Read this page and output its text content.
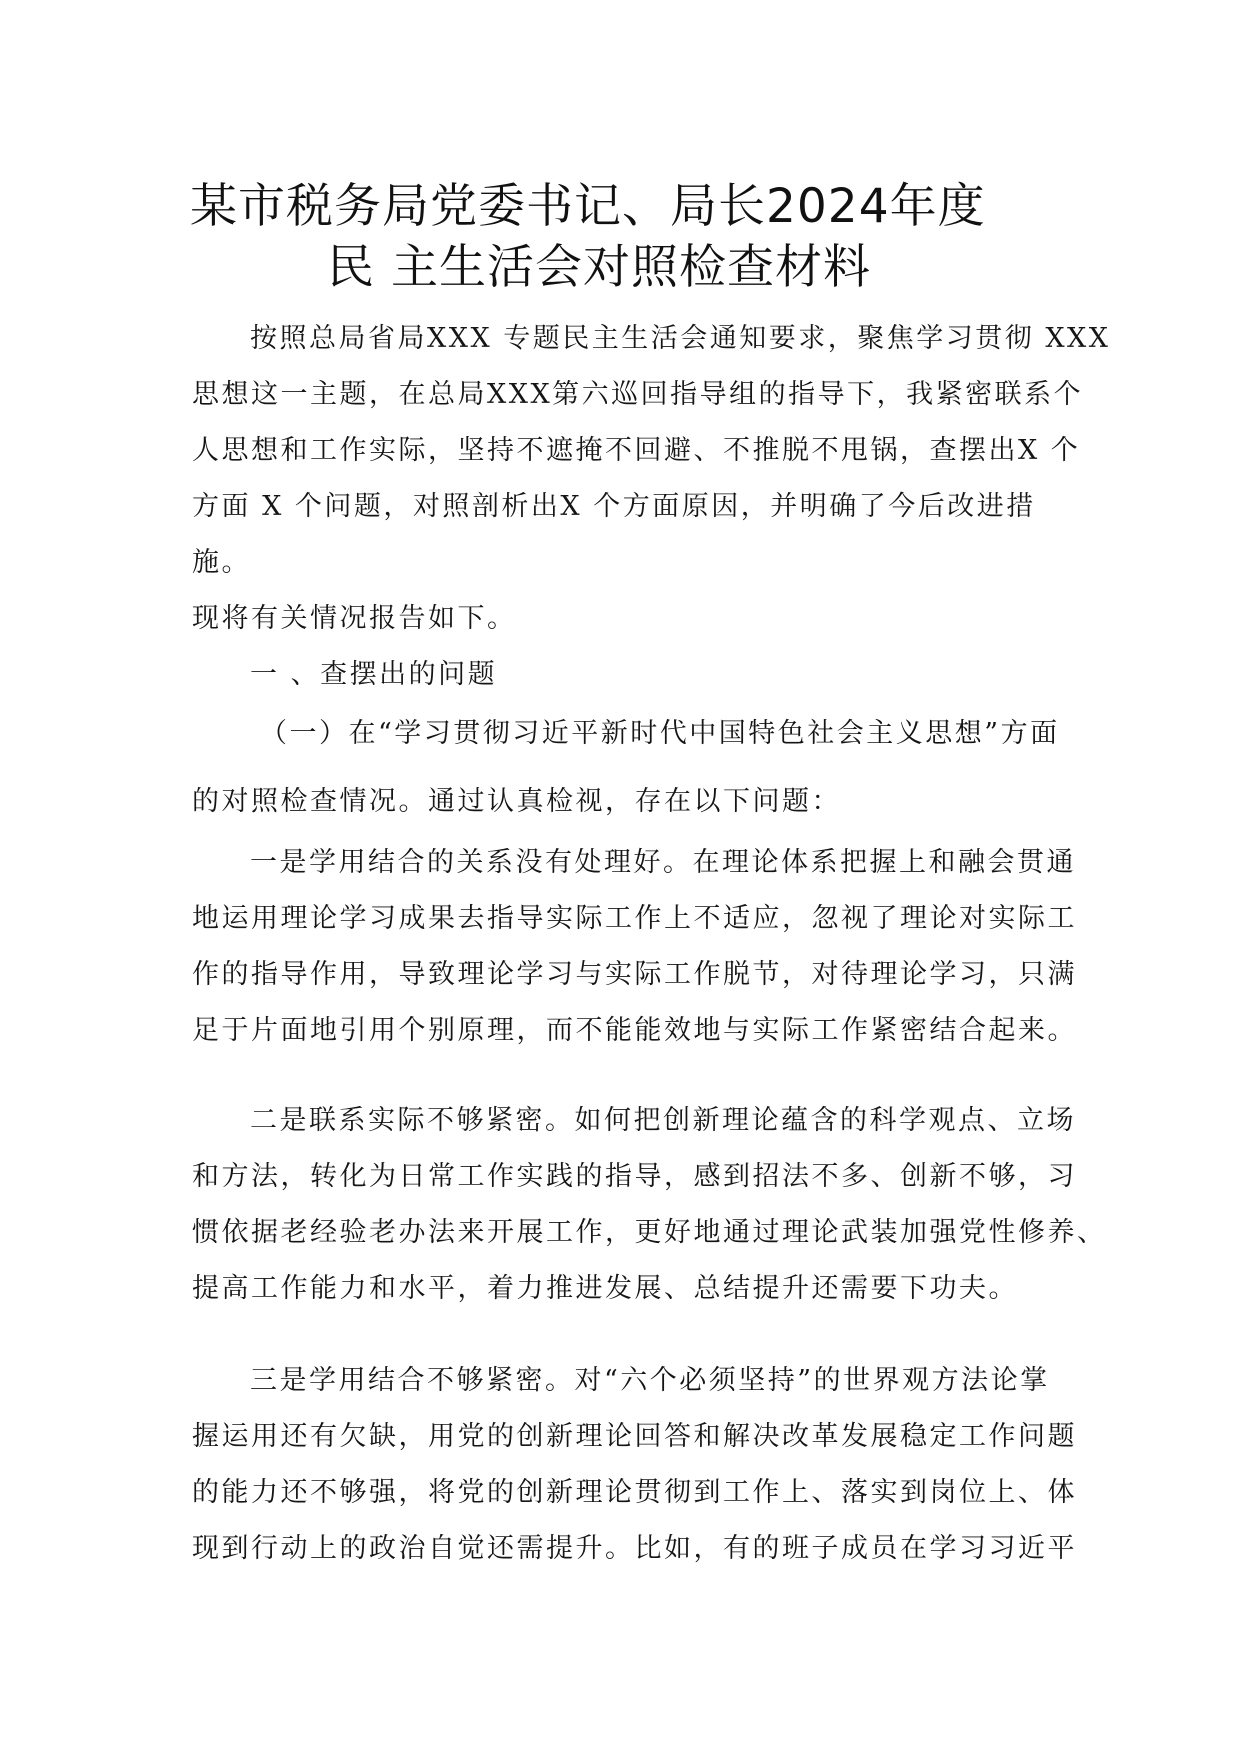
某市税务局党委书记、局长2024年度
民 主生活会对照检查材料
按照总局省局XXX 专题民主生活会通知要求，聚焦学习贯彻 XXX
思想这一主题，在总局XXX第六巡回指导组的指导下，我紧密联系个
人思想和工作实际，坚持不遮掩不回避、不推脱不甩锅，查摆出X 个
方面 X 个问题，对照剖析出X 个方面原因，并明确了今后改进措
施。
现将有关情况报告如下。
一 、查摆出的问题
（一）在“学习贯彻习近平新时代中国特色社会主义思想”方面
的对照检查情况。通过认真检视，存在以下问题：
一是学用结合的关系没有处理好。在理论体系把握上和融会贯通
地运用理论学习成果去指导实际工作上不适应，忽视了理论对实际工
作的指导作用，导致理论学习与实际工作脱节，对待理论学习，只满
足于片面地引用个别原理，而不能能效地与实际工作紧密结合起来。
二是联系实际不够紧密。如何把创新理论蕴含的科学观点、立场
和方法，转化为日常工作实践的指导，感到招法不多、创新不够，习
惯依据老经验老办法来开展工作，更好地通过理论武装加强党性修养、
提高工作能力和水平，着力推进发展、总结提升还需要下功夫。
三是学用结合不够紧密。对“六个必须坚持”的世界观方法论掌
握运用还有欠缺，用党的创新理论回答和解决改革发展稳定工作问题
的能力还不够强，将党的创新理论贯彻到工作上、落实到岗位上、体
现到行动上的政治自觉还需提升。比如，有的班子成员在学习习近平
